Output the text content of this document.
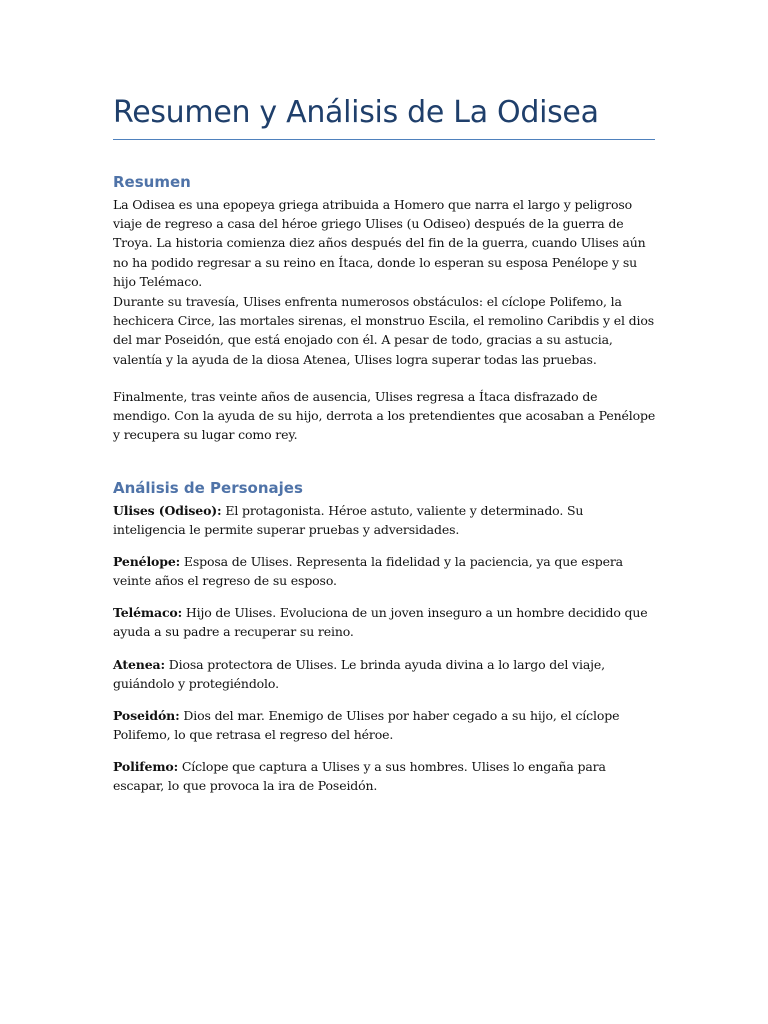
Resumen y Análisis de La Odisea
Resumen

La Odisea es una epopeya griega atribuida a Homero que narra el largo y peligroso viaje de regreso a casa del héroe griego Ulises (u Odiseo) después de la guerra de Troya. La historia comienza diez años después del fin de la guerra, cuando Ulises aún no ha podido regresar a su reino en Ítaca, donde lo esperan su esposa Penélope y su hijo Telémaco.

Durante su travesía, Ulises enfrenta numerosos obstáculos: el cíclope Polifemo, la hechicera Circe, las mortales sirenas, el monstruo Escila, el remolino Caribdis y el dios del mar Poseidón, que está enojado con él. A pesar de todo, gracias a su astucia, valentía y la ayuda de la diosa Atenea, Ulises logra superar todas las pruebas.

Finalmente, tras veinte años de ausencia, Ulises regresa a Ítaca disfrazado de mendigo. Con la ayuda de su hijo, derrota a los pretendientes que acosaban a Penélope y recupera su lugar como rey.

Análisis de Personajes

Ulises (Odiseo): El protagonista. Héroe astuto, valiente y determinado. Su inteligencia le permite superar pruebas y adversidades.

Penélope: Esposa de Ulises. Representa la fidelidad y la paciencia, ya que espera veinte años el regreso de su esposo.

Telémaco: Hijo de Ulises. Evoluciona de un joven inseguro a un hombre decidido que ayuda a su padre a recuperar su reino.

Atenea: Diosa protectora de Ulises. Le brinda ayuda divina a lo largo del viaje, guiándolo y protegiéndolo.

Poseidón: Dios del mar. Enemigo de Ulises por haber cegado a su hijo, el cíclope Polifemo, lo que retrasa el regreso del héroe.

Polifemo: Cíclope que captura a Ulises y a sus hombres. Ulises lo engaña para escapar, lo que provoca la ira de Poseidón.
